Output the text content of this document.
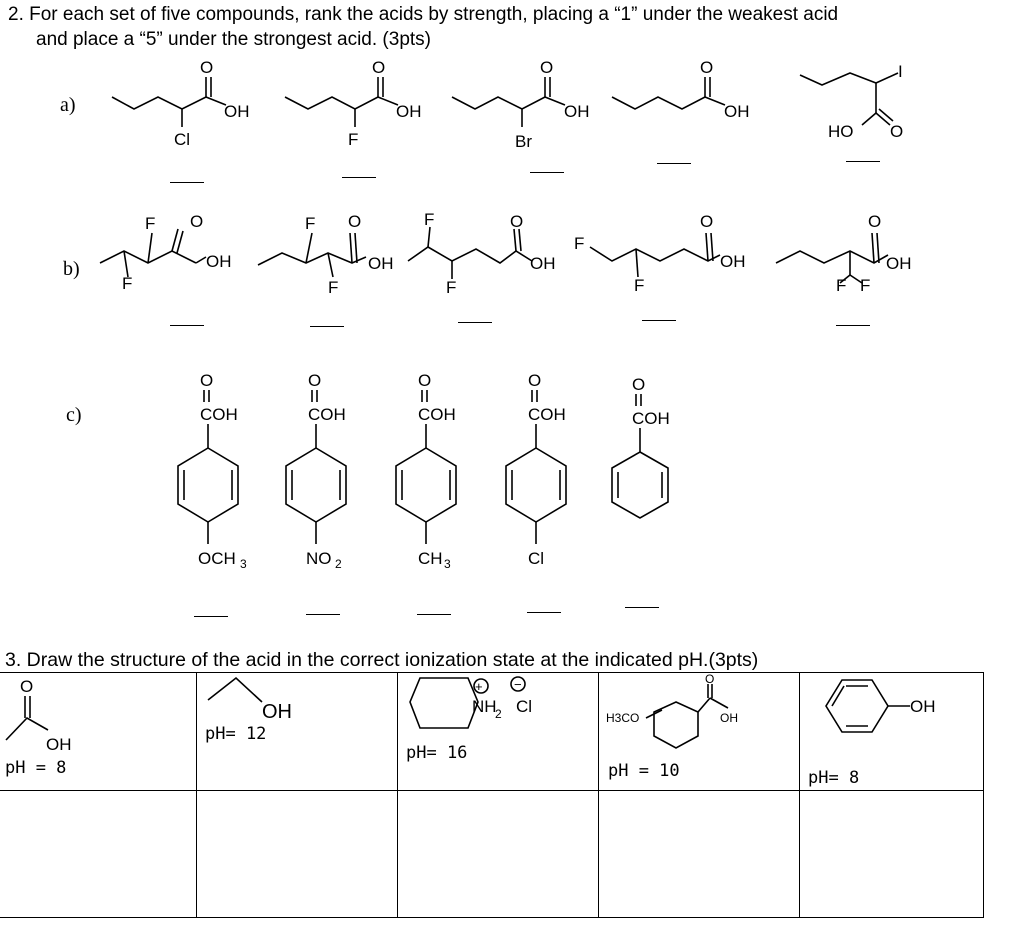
2. For each set of five compounds, rank the acids by strength, placing a “1” under the weakest acid
and place a “5” under the strongest acid. (3pts)
a)
b)
c)
O
OH
Cl
O
OH
F
O
OH
Br
O
OH
I
HO O
F O
OH
F
F O
OH
F
F	O
OH
F
F
O
OH
F
O
OH
F F
O
COH
OCH 3
O
COH
NO 2
O
COH
CH 3
O
COH
Cl
O
COH
3. Draw the structure of the acid in the correct ionization state at the indicated pH.(3pts)
O
OH
OH	NH
2 Cl
+ −
H3CO
O
OH
OH
pH = 8
pH= 12
pH= 16
pH = 10	pH= 8
